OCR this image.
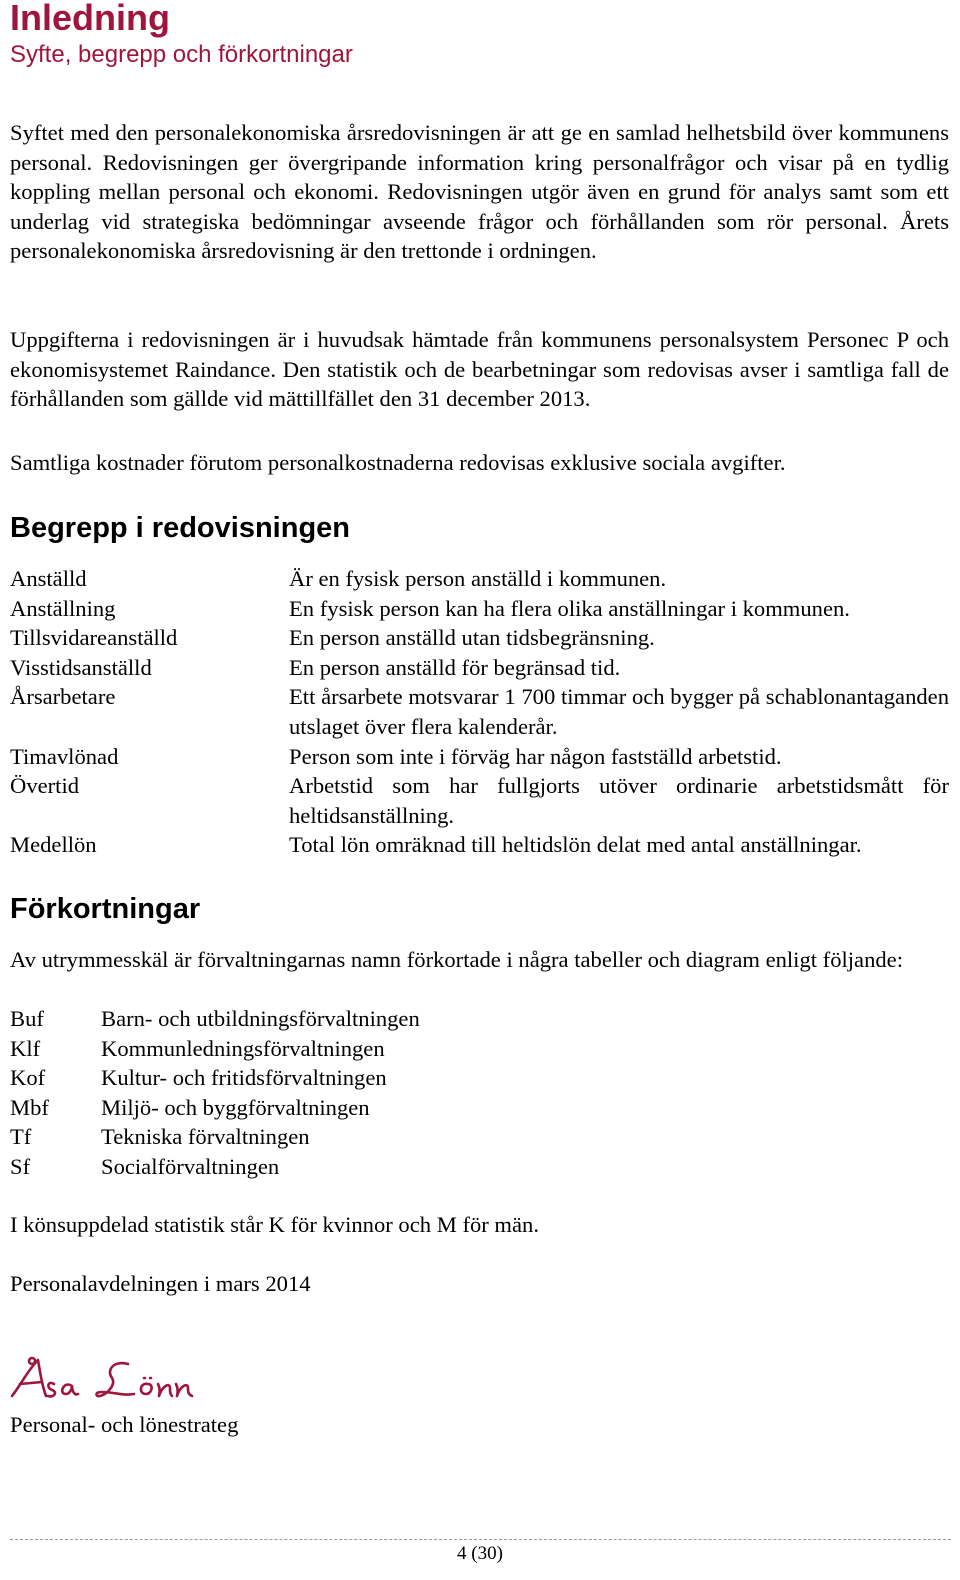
Inledning
Syfte, begrepp och förkortningar

Syftet med den personalekonomiska årsredovisningen är att ge en samlad helhetsbild över kommunens personal. Redovisningen ger övergripande information kring personalfrågor och visar på en tydlig koppling mellan personal och ekonomi. Redovisningen utgör även en grund för analys samt som ett underlag vid strategiska bedömningar avseende frågor och förhållanden som rör personal. Årets personalekonomiska årsredovisning är den trettonde i ordningen.

Uppgifterna i redovisningen är i huvudsak hämtade från kommunens personalsystem Personec P och ekonomisystemet Raindance. Den statistik och de bearbetningar som redovisas avser i samtliga fall de förhållanden som gällde vid mättillfället den 31 december 2013.

Samtliga kostnader förutom personalkostnaderna redovisas exklusive sociala avgifter.

Begrepp i redovisningen
Anställd	Är en fysisk person anställd i kommunen.
Anställning	En fysisk person kan ha flera olika anställningar i kommunen.
Tillsvidareanställd	En person anställd utan tidsbegränsning.
Visstidsanställd	En person anställd för begränsad tid.
Årsarbetare	Ett årsarbete motsvarar 1 700 timmar och bygger på schablonantaganden utslaget över flera kalenderår.
Timavlönad	Person som inte i förväg har någon fastställd arbetstid.
Övertid	Arbetstid som har fullgjorts utöver ordinarie arbetstidsmått för heltidsanställning.
Medellön	Total lön omräknad till heltidslön delat med antal anställningar.
Förkortningar

Av utrymmesskäl är förvaltningarnas namn förkortade i några tabeller och diagram enligt följande:

Buf	Barn- och utbildningsförvaltningen
Klf	Kommunledningsförvaltningen
Kof	Kultur- och fritidsförvaltningen
Mbf	Miljö- och byggförvaltningen
Tf	Tekniska förvaltningen
Sf	Socialförvaltningen

I könsuppdelad statistik står K för kvinnor och M för män.

Personalavdelningen i mars 2014

Personal- och lönestrateg

4 (30)
